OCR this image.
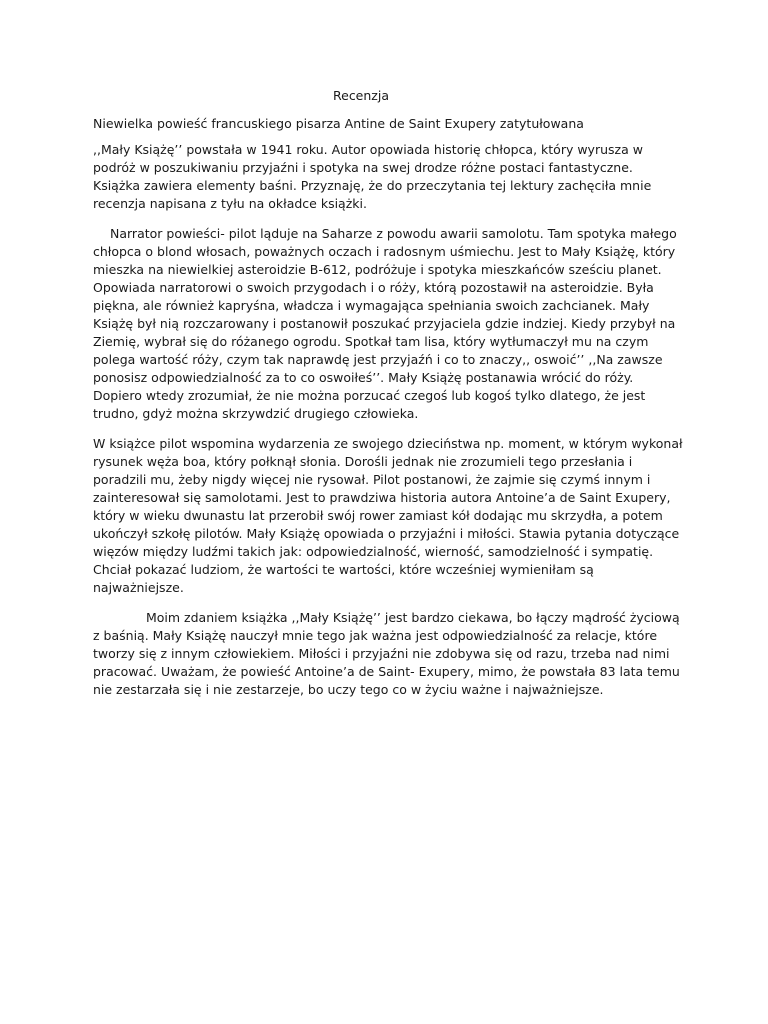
Recenzja

Niewielka powieść francuskiego pisarza Antine de Saint Exupery zatytułowana

,,Mały Książę’’ powstała w 1941 roku. Autor opowiada historię chłopca, który wyrusza w podróż w poszukiwaniu przyjaźni i spotyka na swej drodze różne postaci fantastyczne. Książka zawiera elementy baśni. Przyznaję, że do przeczytania tej lektury zachęciła mnie recenzja napisana z tyłu na okładce książki.

Narrator powieści- pilot ląduje na Saharze z powodu awarii samolotu. Tam spotyka małego chłopca o blond włosach, poważnych oczach i radosnym uśmiechu. Jest to Mały Książę, który mieszka na niewielkiej asteroidzie B-612, podróżuje i spotyka mieszkańców sześciu planet. Opowiada narratorowi o swoich przygodach i o róży, którą pozostawił na asteroidzie. Była piękna, ale również kapryśna, władcza i wymagająca spełniania swoich zachcianek. Mały Książę był nią rozczarowany i postanowił poszukać przyjaciela gdzie indziej. Kiedy przybył na Ziemię, wybrał się do różanego ogrodu. Spotkał tam lisa, który wytłumaczył mu na czym polega wartość róży, czym tak naprawdę jest przyjaźń i co to znaczy,, oswoić’’ ,,Na zawsze ponosisz odpowiedzialność za to co oswoiłeś’’. Mały Książę postanawia wrócić do róży. Dopiero wtedy zrozumiał, że nie można porzucać czegoś lub kogoś tylko dlatego, że jest trudno, gdyż można skrzywdzić drugiego człowieka.

W książce pilot wspomina wydarzenia ze swojego dzieciństwa np. moment, w którym wykonał rysunek węża boa, który połknął słonia. Dorośli jednak nie zrozumieli tego przesłania i poradzili mu, żeby nigdy więcej nie rysował. Pilot postanowi, że zajmie się czymś innym i zainteresował się samolotami. Jest to prawdziwa historia autora Antoine’a de Saint Exupery, który w wieku dwunastu lat przerobił swój rower zamiast kół dodając mu skrzydła, a potem ukończył szkołę pilotów. Mały Książę opowiada o przyjaźni i miłości. Stawia pytania dotyczące więzów między ludźmi takich jak: odpowiedzialność, wierność, samodzielność i sympatię. Chciał pokazać ludziom, że wartości te wartości, które wcześniej wymieniłam są najważniejsze.

Moim zdaniem książka ,,Mały Książę’’ jest bardzo ciekawa, bo łączy mądrość życiową z baśnią. Mały Książę nauczył mnie tego jak ważna jest odpowiedzialność za relacje, które tworzy się z innym człowiekiem. Miłości i przyjaźni nie zdobywa się od razu, trzeba nad nimi pracować. Uważam, że powieść Antoine’a de Saint- Exupery, mimo, że powstała 83 lata temu nie zestarzała się i nie zestarzeje, bo uczy tego co w życiu ważne i najważniejsze.
